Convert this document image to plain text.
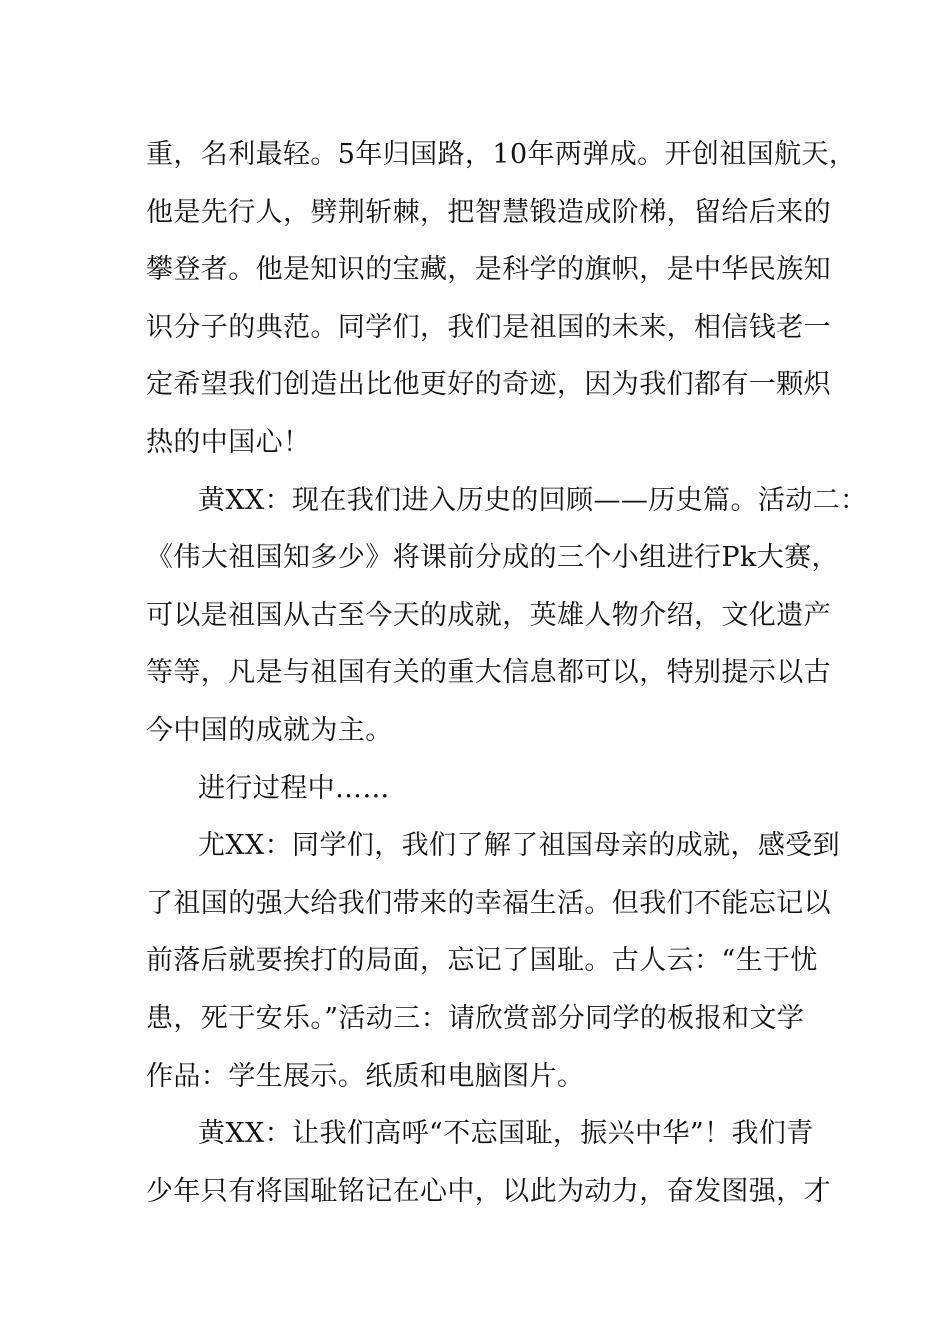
重，名利最轻。5年归国路，10年两弹成。开创祖国航天，
他是先行人，劈荆斩棘，把智慧锻造成阶梯，留给后来的
攀登者。他是知识的宝藏，是科学的旗帜，是中华民族知
识分子的典范。同学们，我们是祖国的未来，相信钱老一
定希望我们创造出比他更好的奇迹，因为我们都有一颗炽
热的中国心！
黄XX：现在我们进入历史的回顾——历史篇。活动二：
《伟大祖国知多少》将课前分成的三个小组进行Pk大赛，
可以是祖国从古至今天的成就，英雄人物介绍，文化遗产
等等，凡是与祖国有关的重大信息都可以，特别提示以古
今中国的成就为主。
进行过程中……
尤XX：同学们，我们了解了祖国母亲的成就，感受到
了祖国的强大给我们带来的幸福生活。但我们不能忘记以
前落后就要挨打的局面，忘记了国耻。古人云：“生于忧
患，死于安乐。”活动三：请欣赏部分同学的板报和文学
作品：学生展示。纸质和电脑图片。
黄XX：让我们高呼“不忘国耻，振兴中华”！我们青
少年只有将国耻铭记在心中，以此为动力，奋发图强，才
